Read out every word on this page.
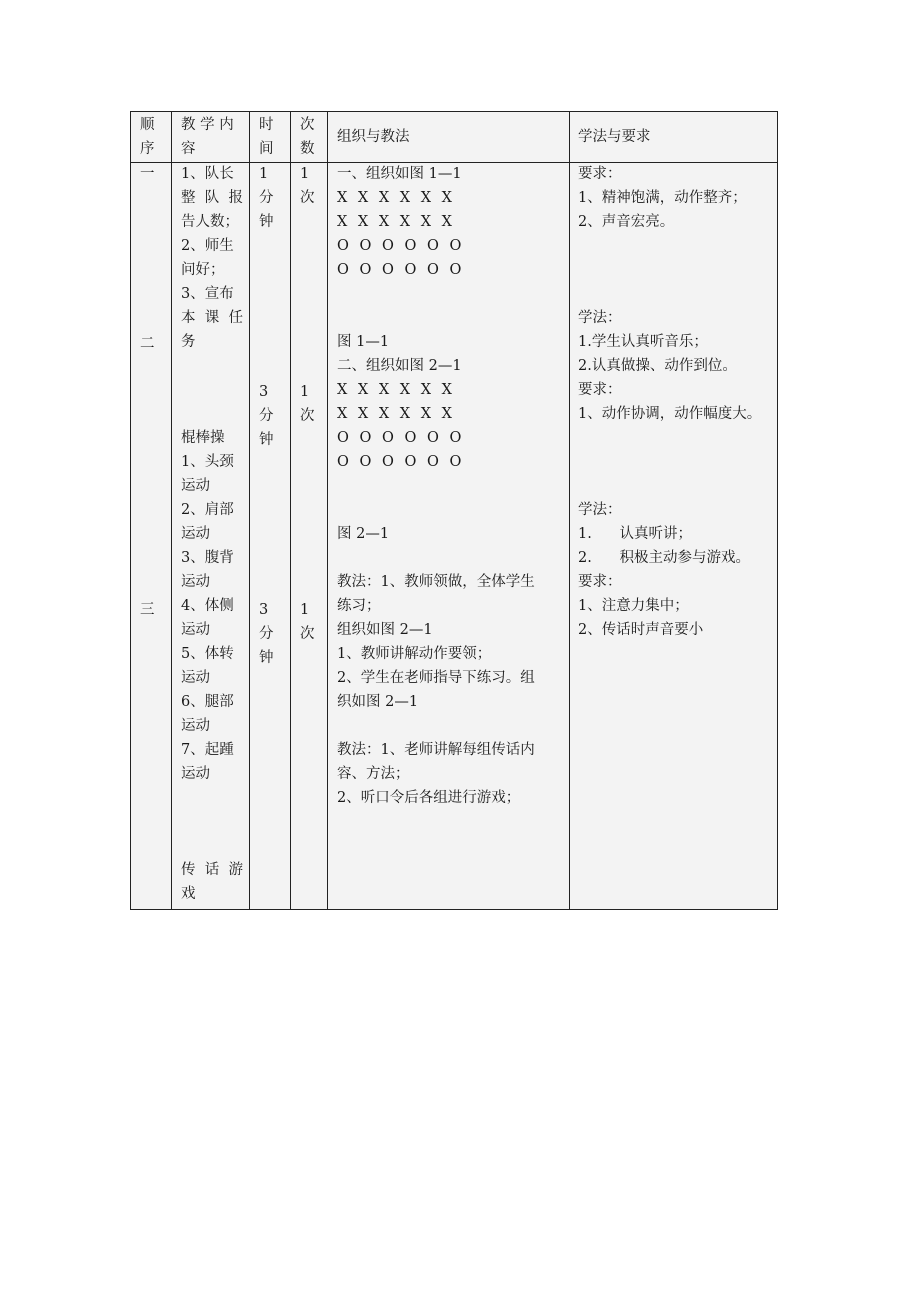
顺
序
教 学 内
容
时
间
次
数
组织与教法	学法与要求
一
二
三
1、队长
整 队 报
告人数；
2、师生
问好；
3、宣布
本 课 任
务
棍棒操
1、头颈
运动
2、肩部
运动
3、腹背
运动
4、体侧
运动
5、体转
运动
6、腿部
运动
7、起踵
运动
传 话 游
戏
1
分
钟
3
分
钟
3
分
钟
1
次
1
次
1
次
一、组织如图 1—1
X X X X X X
X X X X X X
O O O O O O
O O O O O O
图 1—1
二、组织如图 2—1
X X X X X X
X X X X X X
O O O O O O
O O O O O O
图 2—1
教法：1、教师领做，全体学生
练习；
组织如图 2—1
1、教师讲解动作要领；
2、学生在老师指导下练习。组
织如图 2—1
教法：1、老师讲解每组传话内
容、方法；
2、听口令后各组进行游戏；
要求：
1、精神饱满，动作整齐；
2、声音宏亮。
学法：
1.学生认真听音乐；
2.认真做操、动作到位。
要求：
1、动作协调，动作幅度大。
学法：
1.      认真听讲；
2.      积极主动参与游戏。
要求：
1、注意力集中；
2、传话时声音要小
